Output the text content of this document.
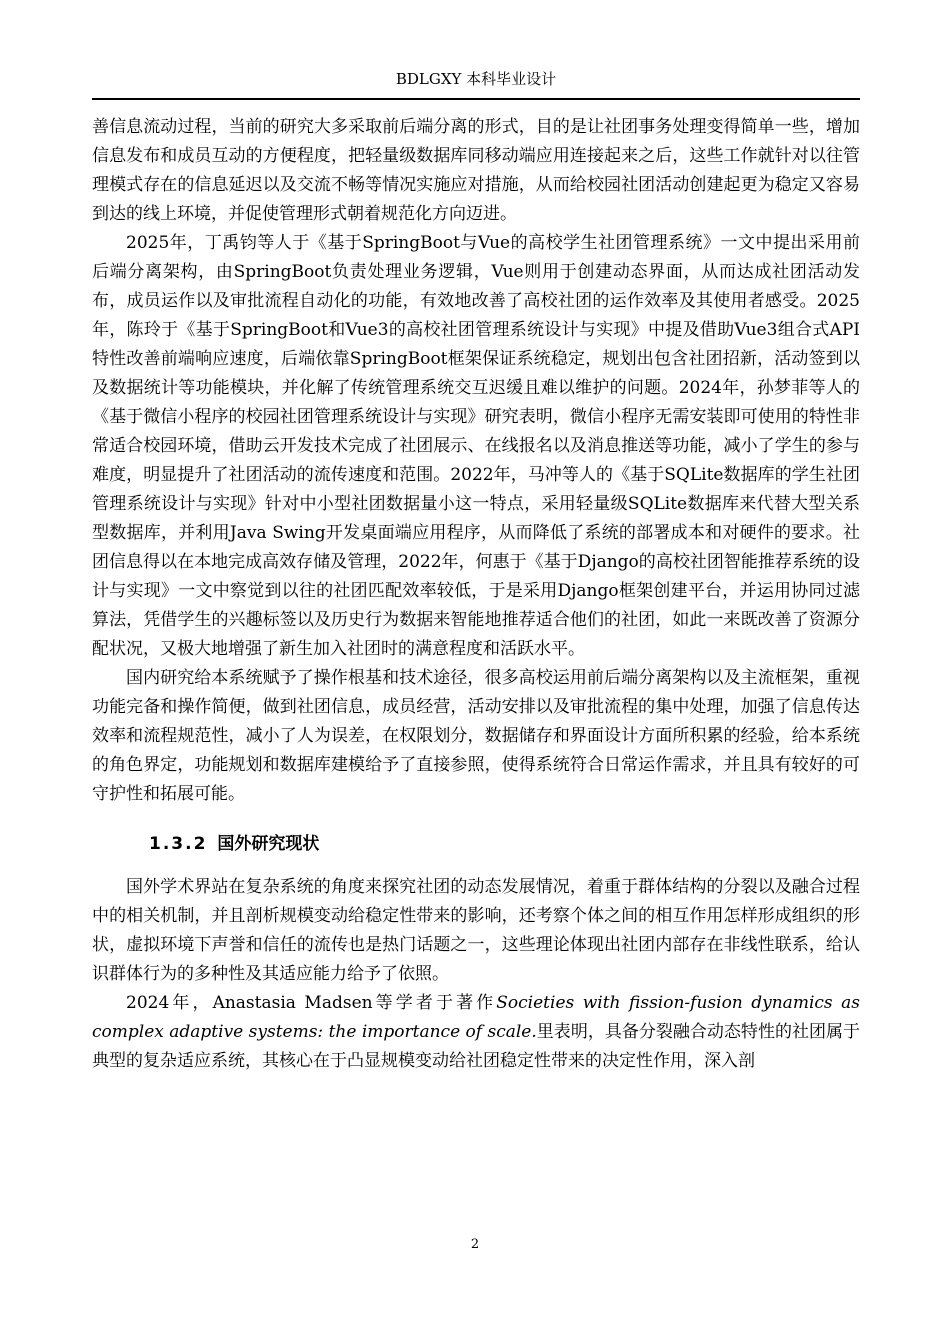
BDLGXY 本科毕业设计

善信息流动过程，当前的研究大多采取前后端分离的形式，目的是让社团事务处理变得简单一些，增加信息发布和成员互动的方便程度，把轻量级数据库同移动端应用连接起来之后，这些工作就针对以往管理模式存在的信息延迟以及交流不畅等情况实施应对措施，从而给校园社团活动创建起更为稳定又容易到达的线上环境，并促使管理形式朝着规范化方向迈进。

2025年，丁禹钧等人于《基于SpringBoot与Vue的高校学生社团管理系统》一文中提出采用前后端分离架构，由SpringBoot负责处理业务逻辑，Vue则用于创建动态界面，从而达成社团活动发布，成员运作以及审批流程自动化的功能，有效地改善了高校社团的运作效率及其使用者感受。2025年，陈玲于《基于SpringBoot和Vue3的高校社团管理系统设计与实现》中提及借助Vue3组合式API特性改善前端响应速度，后端依靠SpringBoot框架保证系统稳定，规划出包含社团招新，活动签到以及数据统计等功能模块，并化解了传统管理系统交互迟缓且难以维护的问题。2024年，孙梦菲等人的《基于微信小程序的校园社团管理系统设计与实现》研究表明，微信小程序无需安装即可使用的特性非常适合校园环境，借助云开发技术完成了社团展示、在线报名以及消息推送等功能，减小了学生的参与难度，明显提升了社团活动的流传速度和范围。2022年，马冲等人的《基于SQLite数据库的学生社团管理系统设计与实现》针对中小型社团数据量小这一特点，采用轻量级SQLite数据库来代替大型关系型数据库，并利用Java Swing开发桌面端应用程序，从而降低了系统的部署成本和对硬件的要求。社团信息得以在本地完成高效存储及管理，2022年，何惠于《基于Django的高校社团智能推荐系统的设计与实现》一文中察觉到以往的社团匹配效率较低，于是采用Django框架创建平台，并运用协同过滤算法，凭借学生的兴趣标签以及历史行为数据来智能地推荐适合他们的社团，如此一来既改善了资源分配状况，又极大地增强了新生加入社团时的满意程度和活跃水平。

国内研究给本系统赋予了操作根基和技术途径，很多高校运用前后端分离架构以及主流框架，重视功能完备和操作简便，做到社团信息，成员经营，活动安排以及审批流程的集中处理，加强了信息传达效率和流程规范性，减小了人为误差，在权限划分，数据储存和界面设计方面所积累的经验，给本系统的角色界定，功能规划和数据库建模给予了直接参照，使得系统符合日常运作需求，并且具有较好的可守护性和拓展可能。

1.3.2 国外研究现状

国外学术界站在复杂系统的角度来探究社团的动态发展情况，着重于群体结构的分裂以及融合过程中的相关机制，并且剖析规模变动给稳定性带来的影响，还考察个体之间的相互作用怎样形成组织的形状，虚拟环境下声誉和信任的流传也是热门话题之一，这些理论体现出社团内部存在非线性联系，给认识群体行为的多种性及其适应能力给予了依照。

2024年，Anastasia Madsen等学者于著作Societies with fission-fusion dynamics as complex adaptive systems: the importance of scale.里表明，具备分裂融合动态特性的社团属于典型的复杂适应系统，其核心在于凸显规模变动给社团稳定性带来的决定性作用，深入剖

2
